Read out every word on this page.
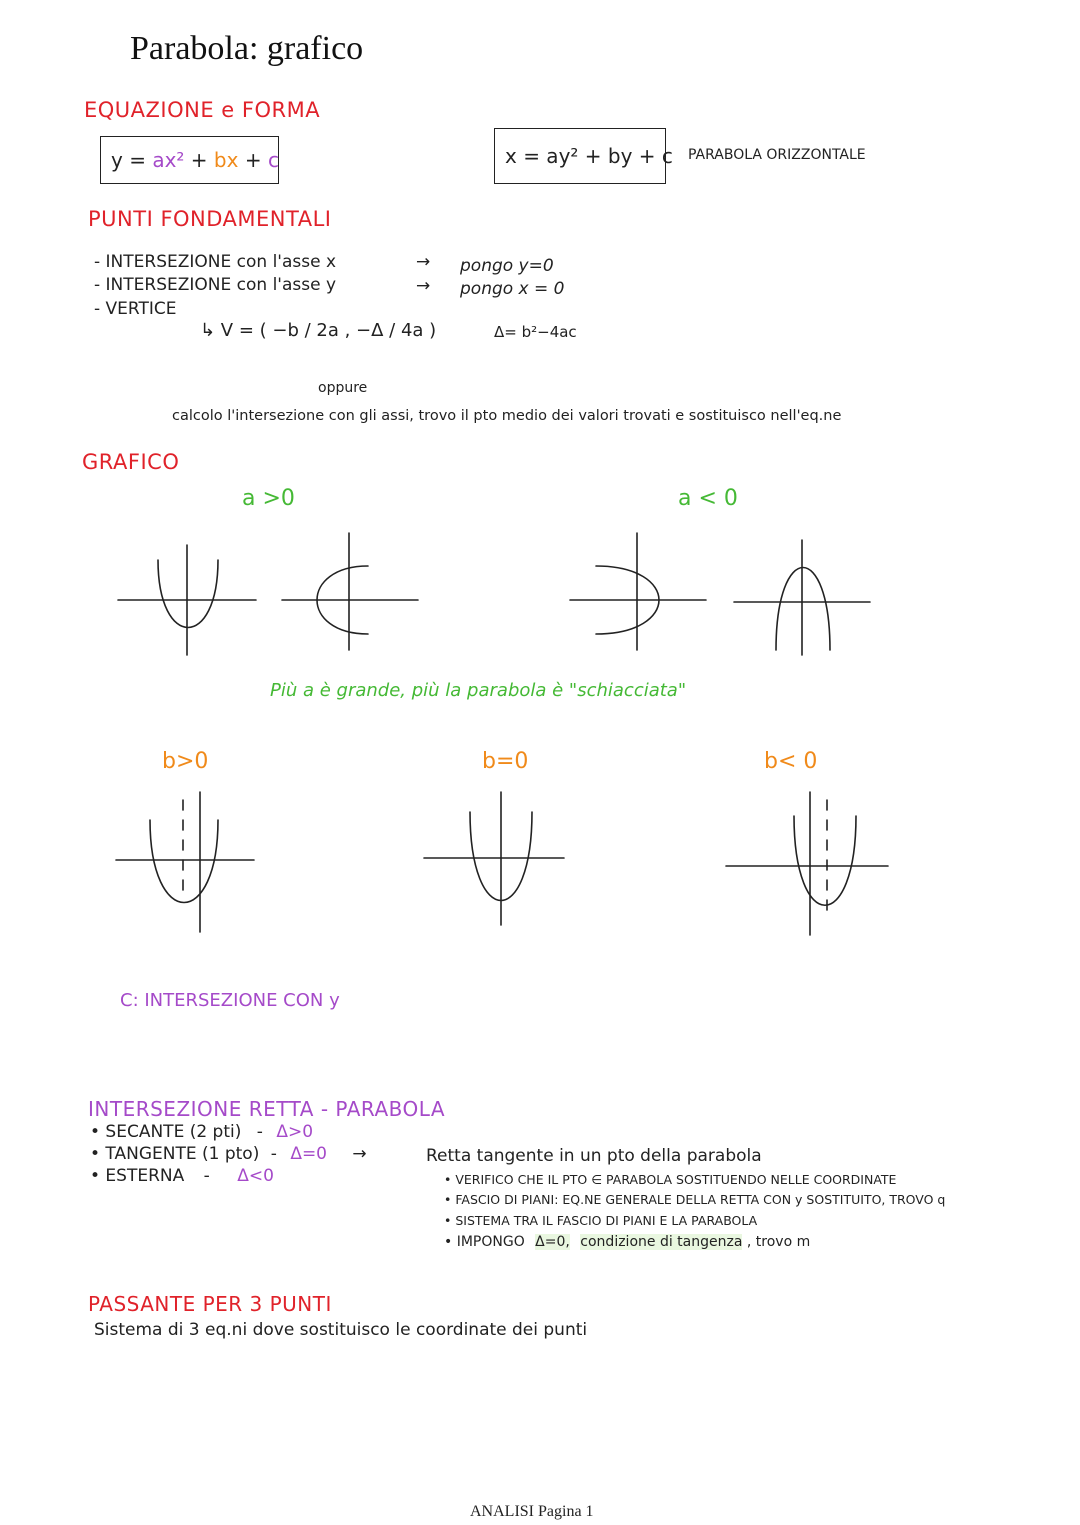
Parabola: grafico
EQUAZIONE e FORMA
y = ax² + bx + c	x = ay² + by + c PARABOLA ORIZZONTALE
PUNTI FONDAMENTALI
- INTERSEZIONE con l'asse x	→ pongo y=0
- INTERSEZIONE con l'asse y	→ pongo x = 0
- VERTICE
↳ V = ( −b / 2a , −Δ / 4a )	Δ= b²−4ac
oppure
calcolo l'intersezione con gli assi, trovo il pto medio dei valori trovati e sostituisco nell'eq.ne
GRAFICO
a >0	a < 0
Più a è grande, più la parabola è "schiacciata"
b>0	b=0	b< 0
C: INTERSEZIONE CON y
INTERSEZIONE RETTA - PARABOLA
• SECANTE (2 pti) - Δ>0
• TANGENTE (1 pto) - Δ=0 →
• ESTERNA - Δ<0
Retta tangente in un pto della parabola
• VERIFICO CHE IL PTO ∈ PARABOLA SOSTITUENDO NELLE COORDINATE
• FASCIO DI PIANI: EQ.NE GENERALE DELLA RETTA CON y SOSTITUITO, TROVO q
• SISTEMA TRA IL FASCIO DI PIANI E LA PARABOLA
• IMPONGO Δ=0, condizione di tangenza , trovo m
PASSANTE PER 3 PUNTI
Sistema di 3 eq.ni dove sostituisco le coordinate dei punti
ANALISI Pagina 1
